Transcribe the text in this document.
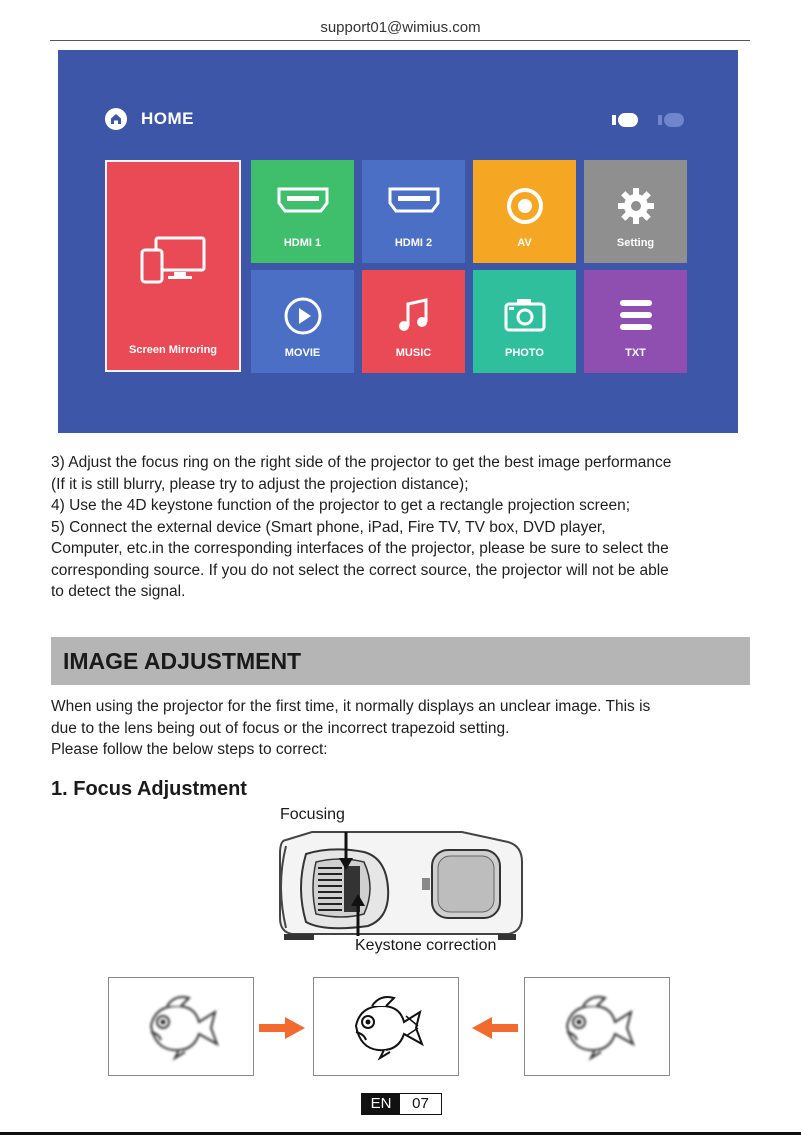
support01@wimius.com
HOME
Screen Mirroring
HDMI 1	HDMI 2	AV	Setting
MOVIE	MUSIC	PHOTO	TXT
3) Adjust the focus ring on the right side of the projector to get the best image performance
(If it is still blurry, please try to adjust the projection distance);
4) Use the 4D keystone function of the projector to get a rectangle projection screen;
5) Connect the external device (Smart phone, iPad, Fire TV, TV box, DVD player,
Computer, etc.in the corresponding interfaces of the projector, please be sure to select the
corresponding source. If you do not select the correct source, the projector will not be able
to detect the signal.
IMAGE ADJUSTMENT
When using the projector for the first time, it normally displays an unclear image. This is
due to the lens being out of focus or the incorrect trapezoid setting.
Please follow the below steps to correct:
1. Focus Adjustment
Focusing
Keystone correction
EN	07
